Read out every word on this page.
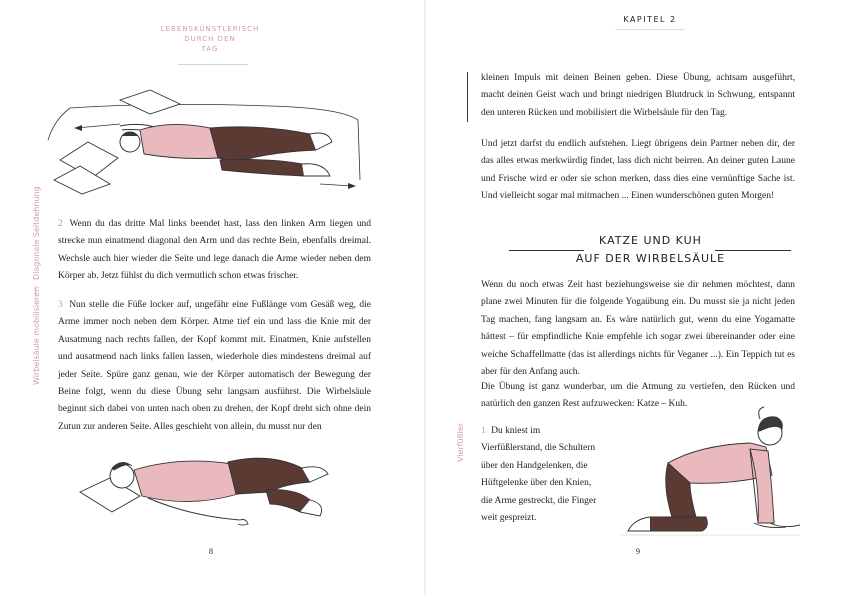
LEBENSKÜNSTLERISCH
DURCH DEN
TAG
Diagonale Seitdehnung
Wirbelsäule mobilisieren
2 Wenn du das dritte Mal links beendet hast, lass den linken Arm liegen und strecke nun einatmend diagonal den Arm und das rechte Bein, ebenfalls dreimal. Wechsle auch hier wieder die Seite und lege danach die Arme wieder neben dem Körper ab. Jetzt fühlst du dich vermutlich schon etwas frischer.
3 Nun stelle die Füße locker auf, ungefähr eine Fußlänge vom Gesäß weg, die Arme immer noch neben dem Körper. Atme tief ein und lass die Knie mit der Ausatmung nach rechts fallen, der Kopf kommt mit. Einatmen, Knie aufstellen und ausatmend nach links fallen lassen, wiederhole dies mindestens dreimal auf jeder Seite. Spüre ganz genau, wie der Körper automatisch der Bewegung der Beine folgt, wenn du diese Übung sehr langsam ausführst. Die Wirbelsäule beginnt sich dabei von unten nach oben zu drehen, der Kopf dreht sich ohne dein Zutun zur anderen Seite. Alles geschieht von allein, du musst nur den
8
KAPITEL 2
kleinen Impuls mit deinen Beinen geben. Diese Übung, achtsam ausgeführt, macht deinen Geist wach und bringt niedrigen Blutdruck in Schwung, entspannt den unteren Rücken und mobilisiert die Wirbelsäule für den Tag.
Und jetzt darfst du endlich aufstehen. Liegt übrigens dein Partner neben dir, der das alles etwas merkwürdig findet, lass dich nicht beirren. An deiner guten Laune und Frische wird er oder sie schon merken, dass dies eine vernünftige Sache ist. Und vielleicht sogar mal mitmachen ... Einen wunderschönen guten Morgen!
KATZE UND KUH
AUF DER WIRBELSÄULE
Wenn du noch etwas Zeit hast beziehungsweise sie dir nehmen möchtest, dann plane zwei Minuten für die folgende Yogaübung ein. Du musst sie ja nicht jeden Tag machen, fang langsam an. Es wäre natürlich gut, wenn du eine Yogamatte hättest – für empfindliche Knie empfehle ich sogar zwei übereinander oder eine weiche Schaffellmatte (das ist allerdings nichts für Veganer ...). Ein Teppich tut es aber für den Anfang auch.
Die Übung ist ganz wunderbar, um die Atmung zu vertiefen, den Rücken und natürlich den ganzen Rest aufzuwecken: Katze – Kuh.
Vierfüßler 1 Du kniest im Vierfüßlerstand, die Schultern über den Handgelenken, die Hüftgelenke über den Knien, die Arme gestreckt, die Finger weit gespreizt.
9
